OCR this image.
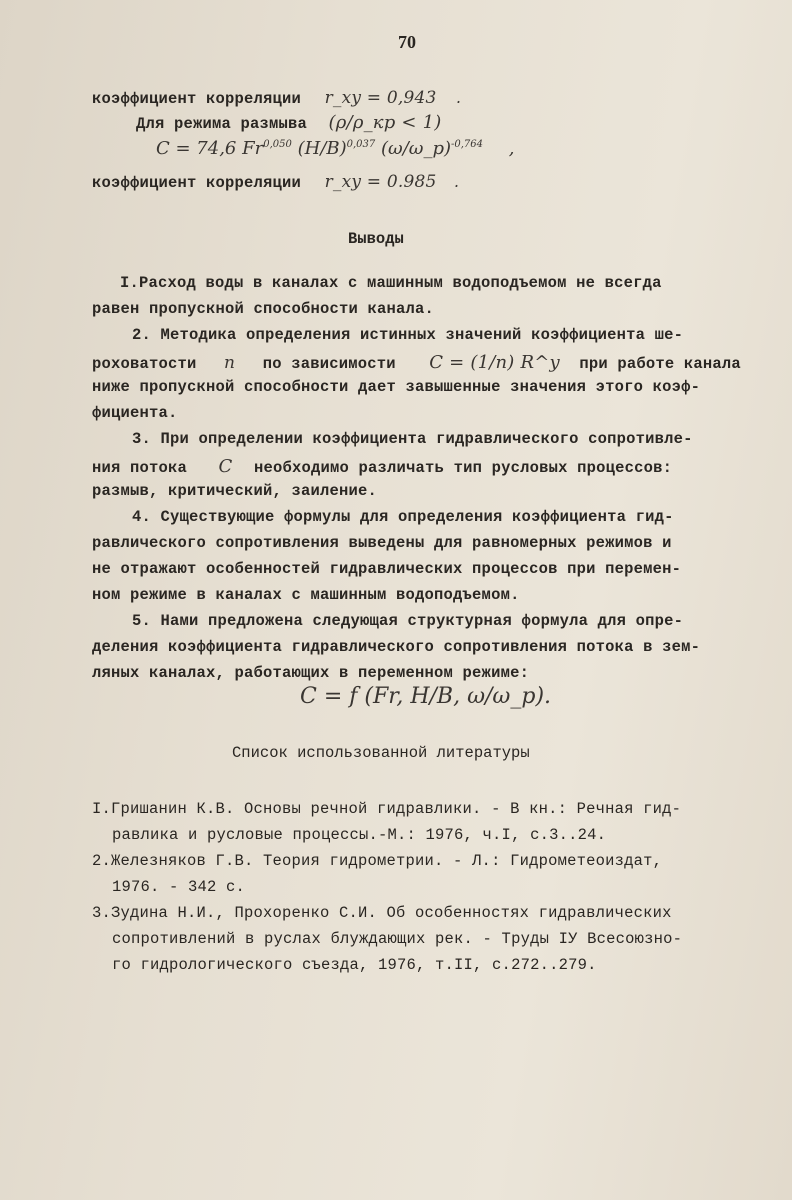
70
коэффициент корреляции r_xy = 0,943 .
Для режима размыва (ρ/ρ_кр < 1)
C = 74,6 Fr$^{0,050}$ $(H/B)^{0,037}$ (ω/ω_р)$^{-0,764}$ ,
коэффициент корреляции r_xy = 0.985 .
Выводы
I.Расход воды в каналах с машинным водоподъемом не всегда
равен пропускной способности канала.
2. Методика определения истинных значений коэффициента ше-
роховатости n по зависимости C = (1/n) R^y при работе канала
ниже пропускной способности дает завышенные значения этого коэф-
фициента.
3. При определении коэффициента гидравлического сопротивле-
ния потока C необходимо различать тип русловых процессов:
размыв, критический, заиление.
4. Существующие формулы для определения коэффициента гид-
равлического сопротивления выведены для равномерных режимов и
не отражают особенностей гидравлических процессов при перемен-
ном режиме в каналах с машинным водоподъемом.
5. Нами предложена следующая структурная формула для опре-
деления коэффициента гидравлического сопротивления потока в зем-
ляных каналах, работающих в переменном режиме:
C = f (Fr, H/B, ω/ω_р).
Список использованной литературы
I.Гришанин К.В. Основы речной гидравлики. - В кн.: Речная гид-
равлика и русловые процессы.-М.: 1976, ч.I, с.3..24.
2.Железняков Г.В. Теория гидрометрии. - Л.: Гидрометеоиздат,
1976. - 342 с.
3.Зудина Н.И., Прохоренко С.И. Об особенностях гидравлических
сопротивлений в руслах блуждающих рек. - Труды IУ Всесоюзно-
го гидрологического съезда, 1976, т.II, с.272..279.
